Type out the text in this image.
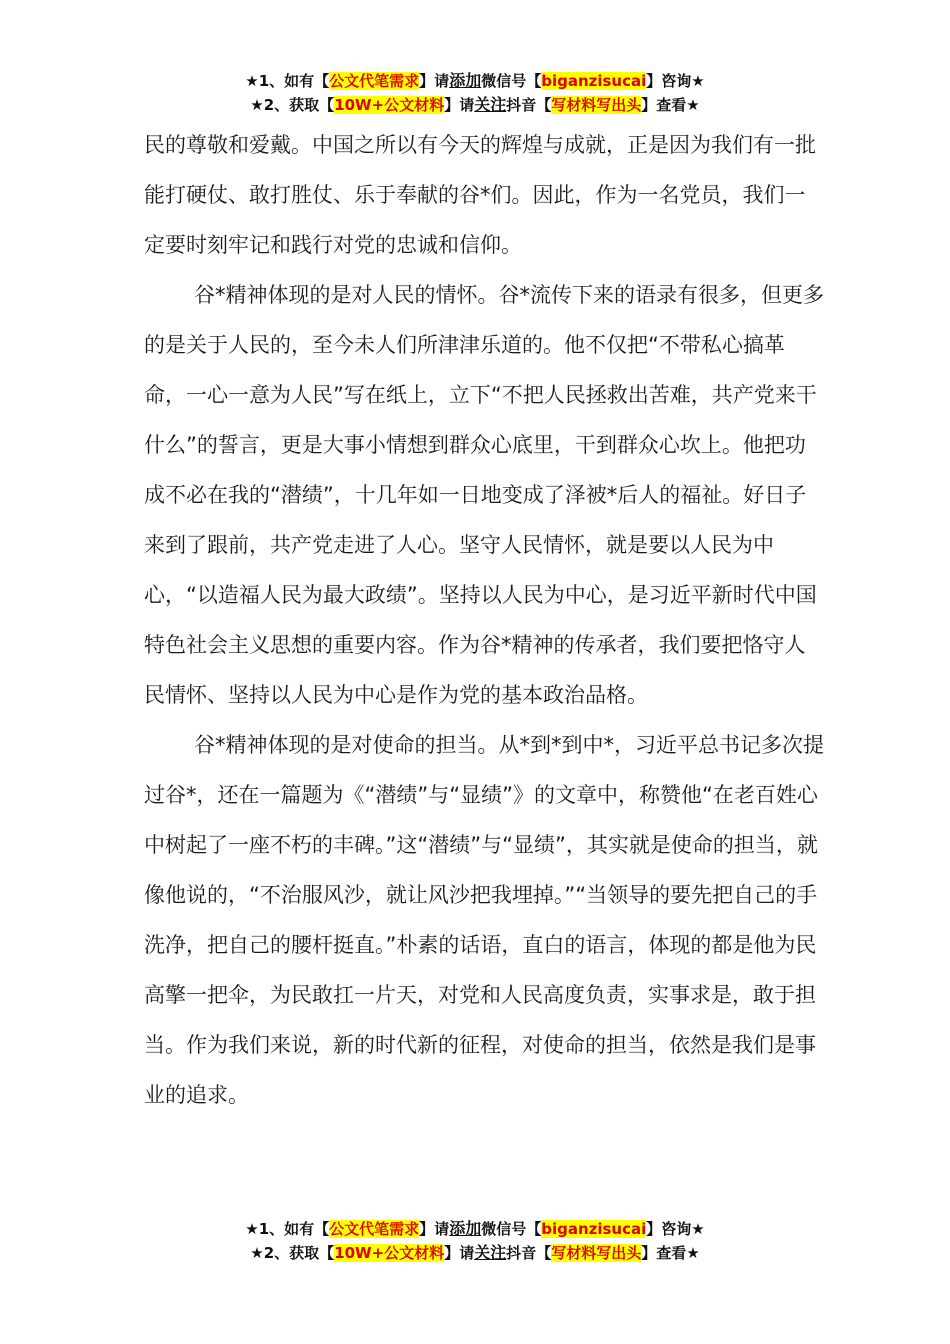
★1、如有【公文代笔需求】请添加微信号【biganzisucai】咨询★
★2、获取【10W+公文材料】请关注抖音【写材料写出头】查看★

民的尊敬和爱戴。中国之所以有今天的辉煌与成就，正是因为我们有一批能打硬仗、敢打胜仗、乐于奉献的谷*们。因此，作为一名党员，我们一定要时刻牢记和践行对党的忠诚和信仰。

谷*精神体现的是对人民的情怀。谷*流传下来的语录有很多，但更多的是关于人民的，至今未人们所津津乐道的。他不仅把“不带私心搞革命，一心一意为人民”写在纸上，立下“不把人民拯救出苦难，共产党来干什么”的誓言，更是大事小情想到群众心底里，干到群众心坎上。他把功成不必在我的“潜绩”，十几年如一日地变成了泽被*后人的福祉。好日子来到了跟前，共产党走进了人心。坚守人民情怀，就是要以人民为中心，“以造福人民为最大政绩”。坚持以人民为中心，是习近平新时代中国特色社会主义思想的重要内容。作为谷*精神的传承者，我们要把恪守人民情怀、坚持以人民为中心是作为党的基本政治品格。

谷*精神体现的是对使命的担当。从*到*到中*，习近平总书记多次提过谷*，还在一篇题为《“潜绩”与“显绩”》的文章中，称赞他“在老百姓心中树起了一座不朽的丰碑。”这“潜绩”与“显绩”，其实就是使命的担当，就像他说的，“不治服风沙，就让风沙把我埋掉。”“当领导的要先把自己的手洗净，把自己的腰杆挺直。”朴素的话语，直白的语言，体现的都是他为民高擎一把伞，为民敢扛一片天，对党和人民高度负责，实事求是，敢于担当。作为我们来说，新的时代新的征程，对使命的担当，依然是我们是事业的追求。

★1、如有【公文代笔需求】请添加微信号【biganzisucai】咨询★
★2、获取【10W+公文材料】请关注抖音【写材料写出头】查看★
